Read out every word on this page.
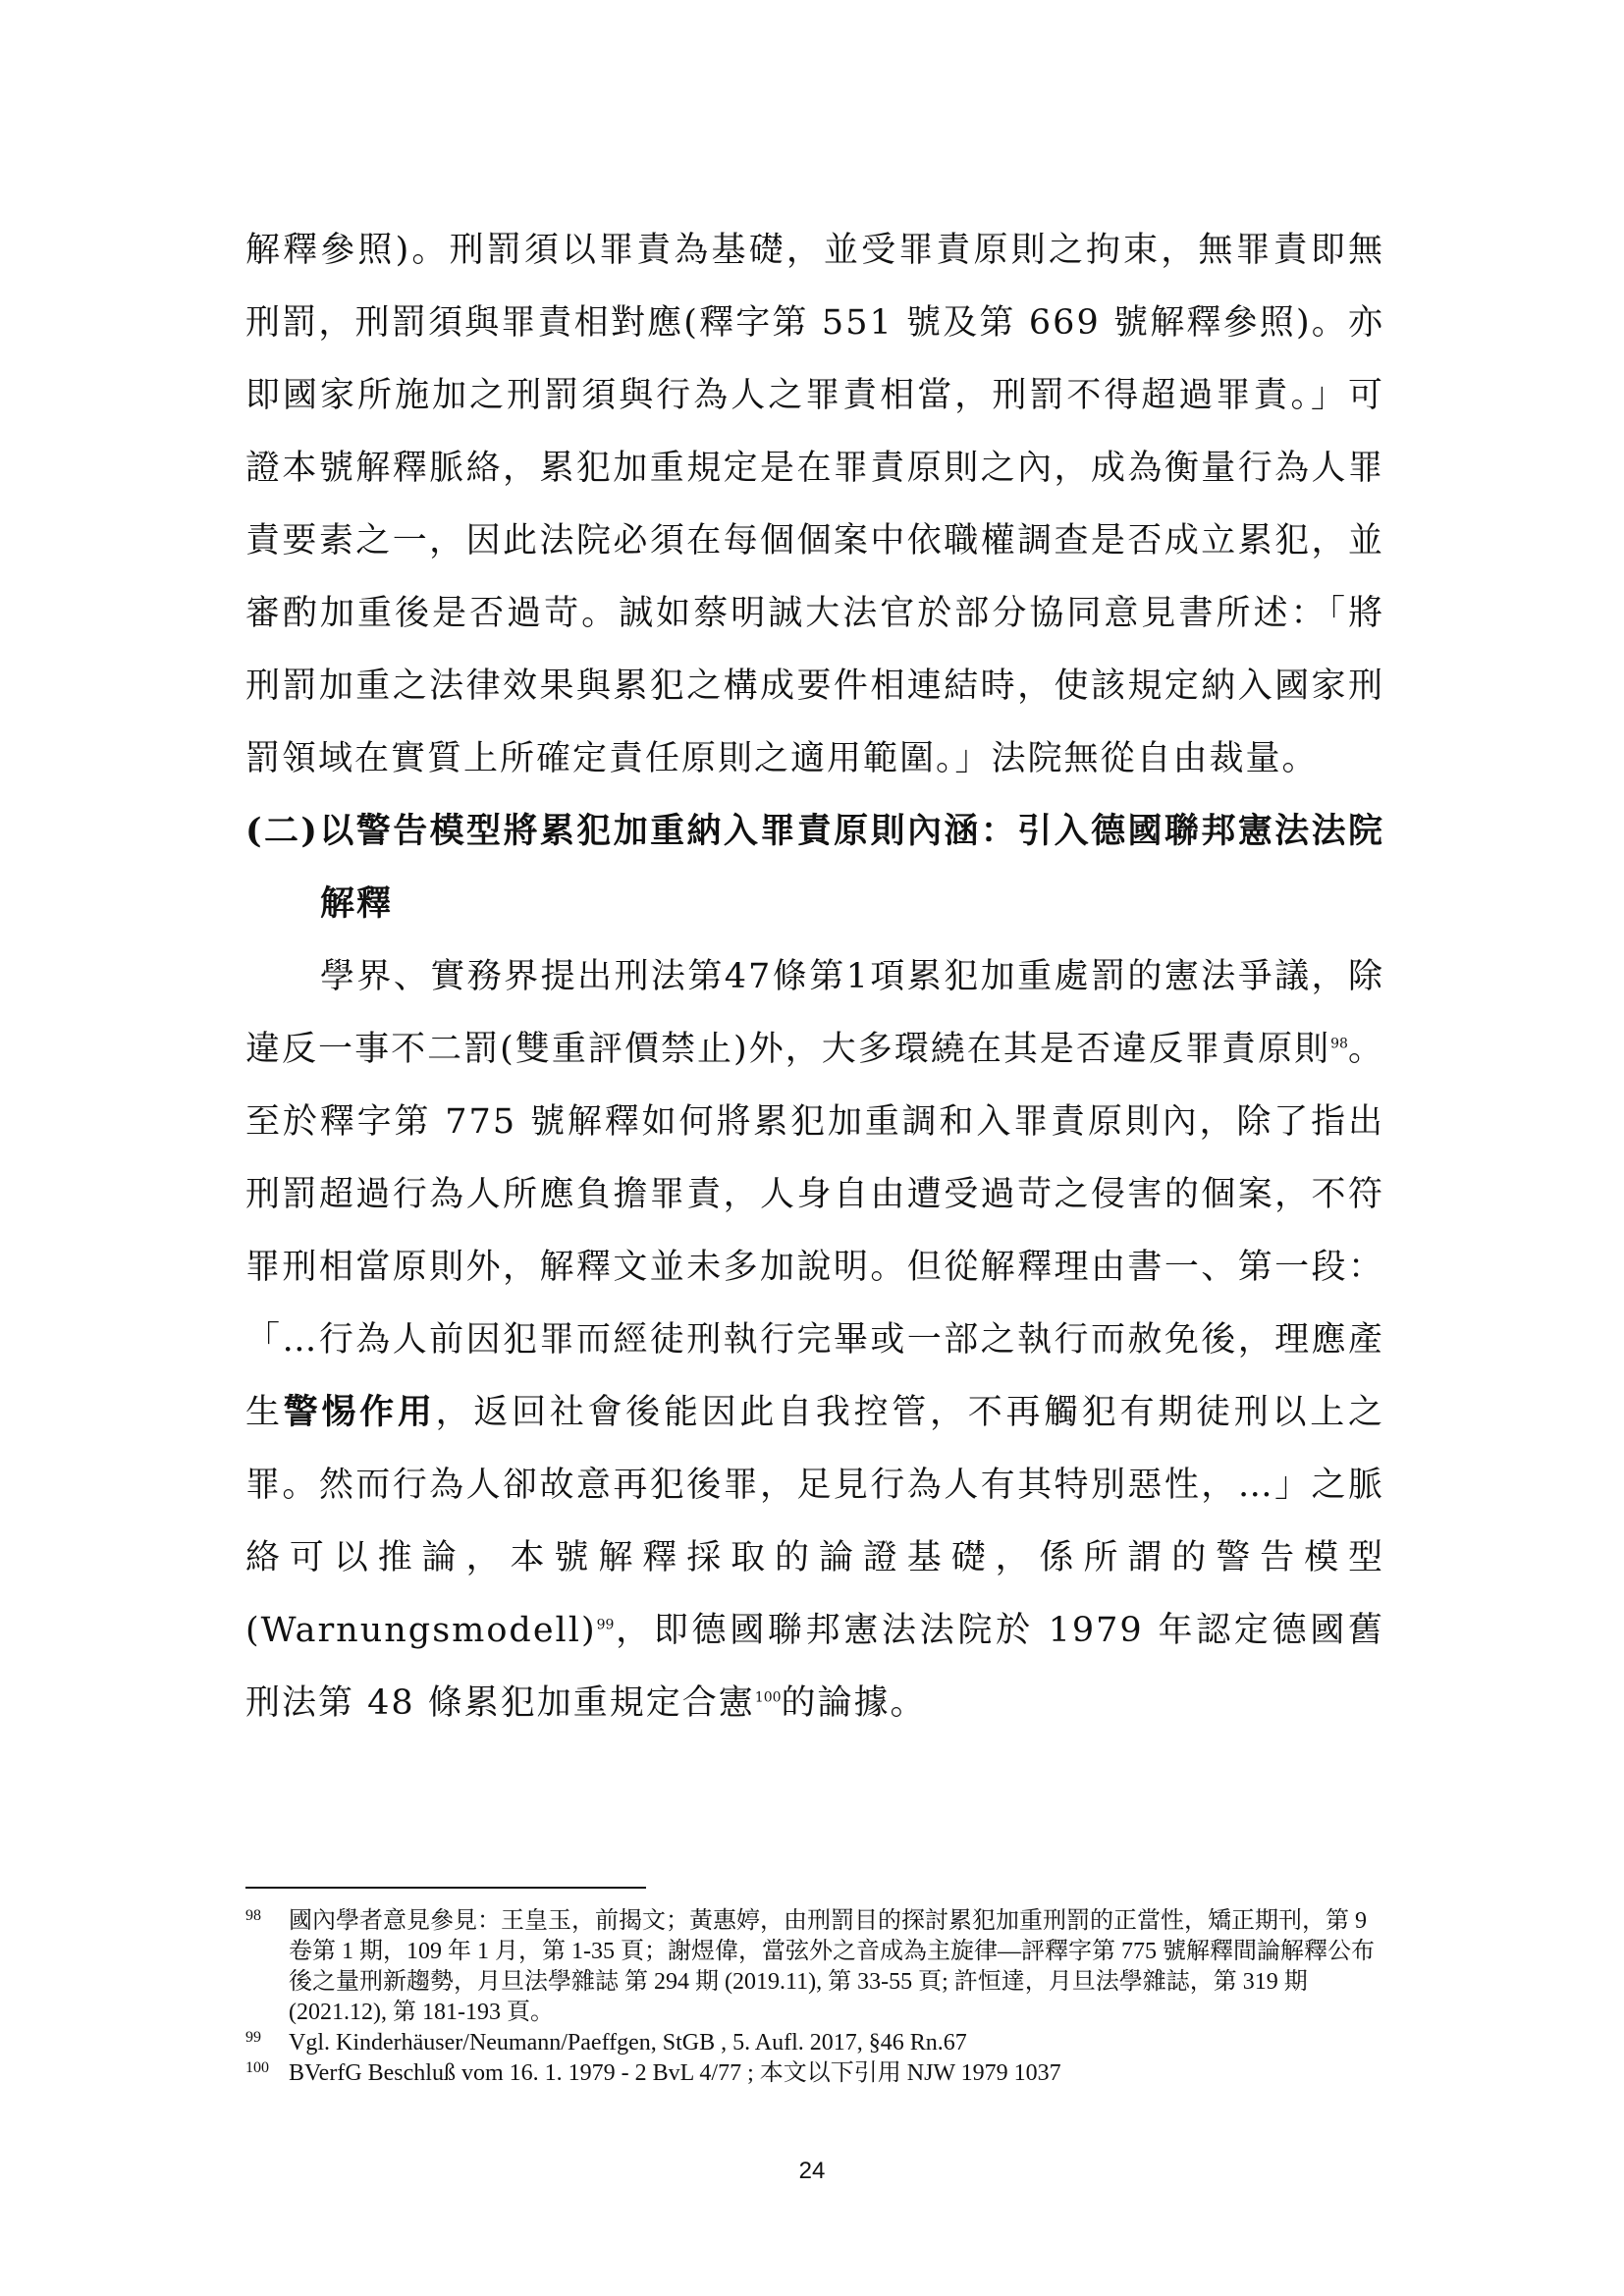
解釋參照)。刑罰須以罪責為基礎，並受罪責原則之拘束，無罪責即無刑罰，刑罰須與罪責相對應(釋字第 551 號及第 669 號解釋參照)。亦即國家所施加之刑罰須與行為人之罪責相當，刑罰不得超過罪責。」可證本號解釋脈絡，累犯加重規定是在罪責原則之內，成為衡量行為人罪責要素之一，因此法院必須在每個個案中依職權調查是否成立累犯，並審酌加重後是否過苛。誠如蔡明誠大法官於部分協同意見書所述：「將刑罰加重之法律效果與累犯之構成要件相連結時，使該規定納入國家刑罰領域在實質上所確定責任原則之適用範圍。」法院無從自由裁量。

(二)以警告模型將累犯加重納入罪責原則內涵：引入德國聯邦憲法法院解釋

學界、實務界提出刑法第47條第1項累犯加重處罰的憲法爭議，除違反一事不二罰(雙重評價禁止)外，大多環繞在其是否違反罪責原則$^{98}$。至於釋字第 775 號解釋如何將累犯加重調和入罪責原則內，除了指出刑罰超過行為人所應負擔罪責，人身自由遭受過苛之侵害的個案，不符罪刑相當原則外，解釋文並未多加說明。但從解釋理由書一、第一段：「…行為人前因犯罪而經徒刑執行完畢或一部之執行而赦免後，理應產生警惕作用，返回社會後能因此自我控管，不再觸犯有期徒刑以上之罪。然而行為人卻故意再犯後罪，足見行為人有其特別惡性，…」之脈絡可以推論，本號解釋採取的論證基礎，係所謂的警告模型(Warnungsmodell)$^{99}$，即德國聯邦憲法法院於 1979 年認定德國舊刑法第 48 條累犯加重規定合憲$^{100}$的論據。

98 國內學者意見參見：王皇玉，前揭文；黃惠婷，由刑罰目的探討累犯加重刑罰的正當性，矯正期刊，第 9 卷第 1 期，109 年 1 月，第 1-35 頁；謝煜偉，當弦外之音成為主旋律—評釋字第 775 號解釋間論解釋公布後之量刑新趨勢，月旦法學雜誌 第 294 期 (2019.11), 第 33-55 頁; 許恒達，月旦法學雜誌，第 319 期 (2021.12), 第 181-193 頁。

99 Vgl. Kinderhäuser/Neumann/Paeffgen, StGB , 5. Aufl. 2017, §46 Rn.67

100 BVerfG Beschluß vom 16. 1. 1979 - 2 BvL 4/77 ; 本文以下引用 NJW 1979 1037

24
